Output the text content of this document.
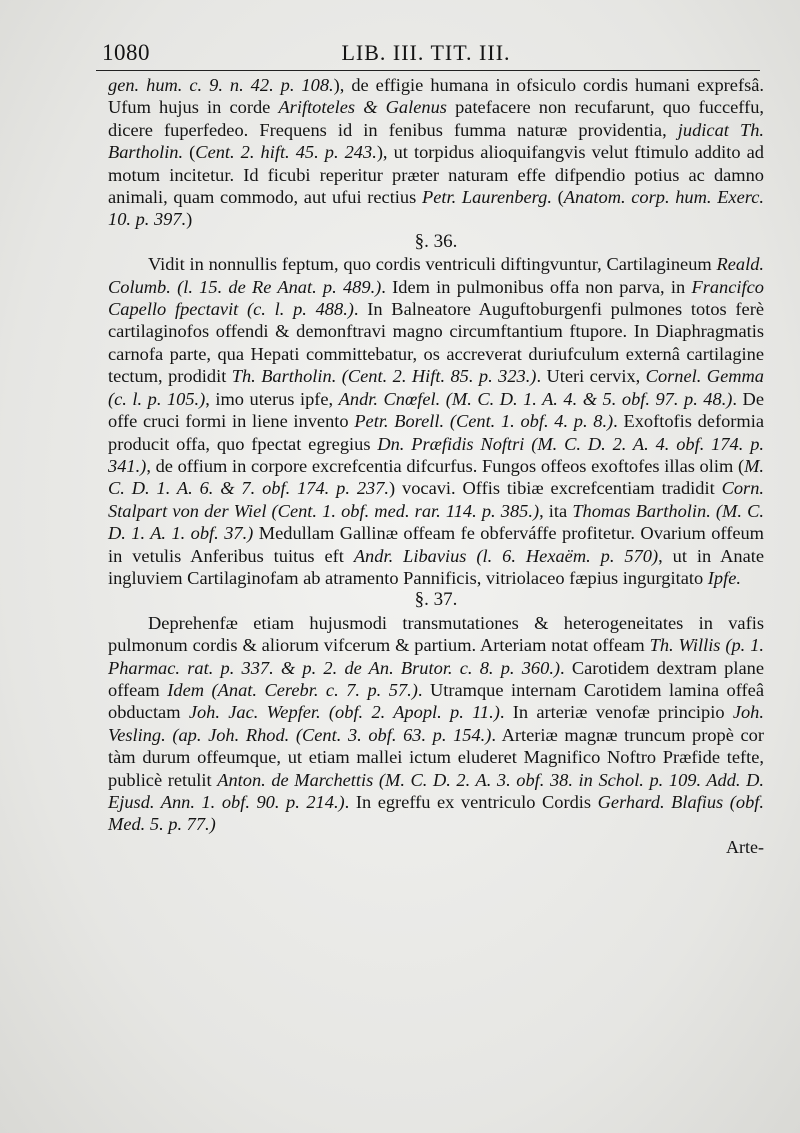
1080	LIB. III. TIT. III.

gen. hum. c. 9. n. 42. p. 108.), de effigie humana in ofsiculo cordis humani exprefsâ. Ufum hujus in corde Ariftoteles & Galenus patefacere non recufarunt, quo fucceffu, dicere fuperfedeo. Frequens id in fenibus fumma naturæ providentia, judicat Th. Bartholin. (Cent. 2. hift. 45. p. 243.), ut torpidus alioquifangvis velut ftimulo addito ad motum incitetur. Id ficubi reperitur præter naturam effe difpendio potius ac damno animali, quam commodo, aut ufui rectius Petr. Laurenberg. (Anatom. corp. hum. Exerc. 10. p. 397.)

§. 36.

Vidit in nonnullis feptum, quo cordis ventriculi diftingvuntur, Cartilagineum Reald. Columb. (l. 15. de Re Anat. p. 489.). Idem in pulmonibus offa non parva, in Francifco Capello fpectavit (c. l. p. 488.). In Balneatore Auguftoburgenfi pulmones totos ferè cartilaginofos offendi & demonftravi magno circumftantium ftupore. In Diaphragmatis carnofa parte, qua Hepati committebatur, os accreverat duriufculum externâ cartilagine tectum, prodidit Th. Bartholin. (Cent. 2. Hift. 85. p. 323.). Uteri cervix, Cornel. Gemma (c. l. p. 105.), imo uterus ipfe, Andr. Cnœfel. (M. C. D. 1. A. 4. & 5. obf. 97. p. 48.). De offe cruci formi in liene invento Petr. Borell. (Cent. 1. obf. 4. p. 8.). Exoftofis deformia producit offa, quo fpectat egregius Dn. Præfidis Noftri (M. C. D. 2. A. 4. obf. 174. p. 341.), de offium in corpore excrefcentia difcurfus. Fungos offeos exoftofes illas olim (M. C. D. 1. A. 6. & 7. obf. 174. p. 237.) vocavi. Offis tibiæ excrefcentiam tradidit Corn. Stalpart von der Wiel (Cent. 1. obf. med. rar. 114. p. 385.), ita Thomas Bartholin. (M. C. D. 1. A. 1. obf. 37.) Medullam Gallinæ offeam fe obferváffe profitetur. Ovarium offeum in vetulis Anferibus tuitus eft Andr. Libavius (l. 6. Hexaëm. p. 570), ut in Anate ingluviem Cartilaginofam ab atramento Pannificis, vitriolaceo fæpius ingurgitato Ipfe.

§. 37.

Deprehenfæ etiam hujusmodi transmutationes & heterogeneitates in vafis pulmonum cordis & aliorum vifcerum & partium. Arteriam notat offeam Th. Willis (p. 1. Pharmac. rat. p. 337. & p. 2. de An. Brutor. c. 8. p. 360.). Carotidem dextram plane offeam Idem (Anat. Cerebr. c. 7. p. 57.). Utramque internam Carotidem lamina offeâ obductam Joh. Jac. Wepfer. (obf. 2. Apopl. p. 11.). In arteriæ venofæ principio Joh. Vesling. (ap. Joh. Rhod. (Cent. 3. obf. 63. p. 154.). Arteriæ magnæ truncum propè cor tàm durum offeumque, ut etiam mallei ictum eluderet Magnifico Noftro Præfide tefte, publicè retulit Anton. de Marchettis (M. C. D. 2. A. 3. obf. 38. in Schol. p. 109. Add. D. Ejusd. Ann. 1. obf. 90. p. 214.). In egreffu ex ventriculo Cordis Gerhard. Blafius (obf. Med. 5. p. 77.)

Arte-
